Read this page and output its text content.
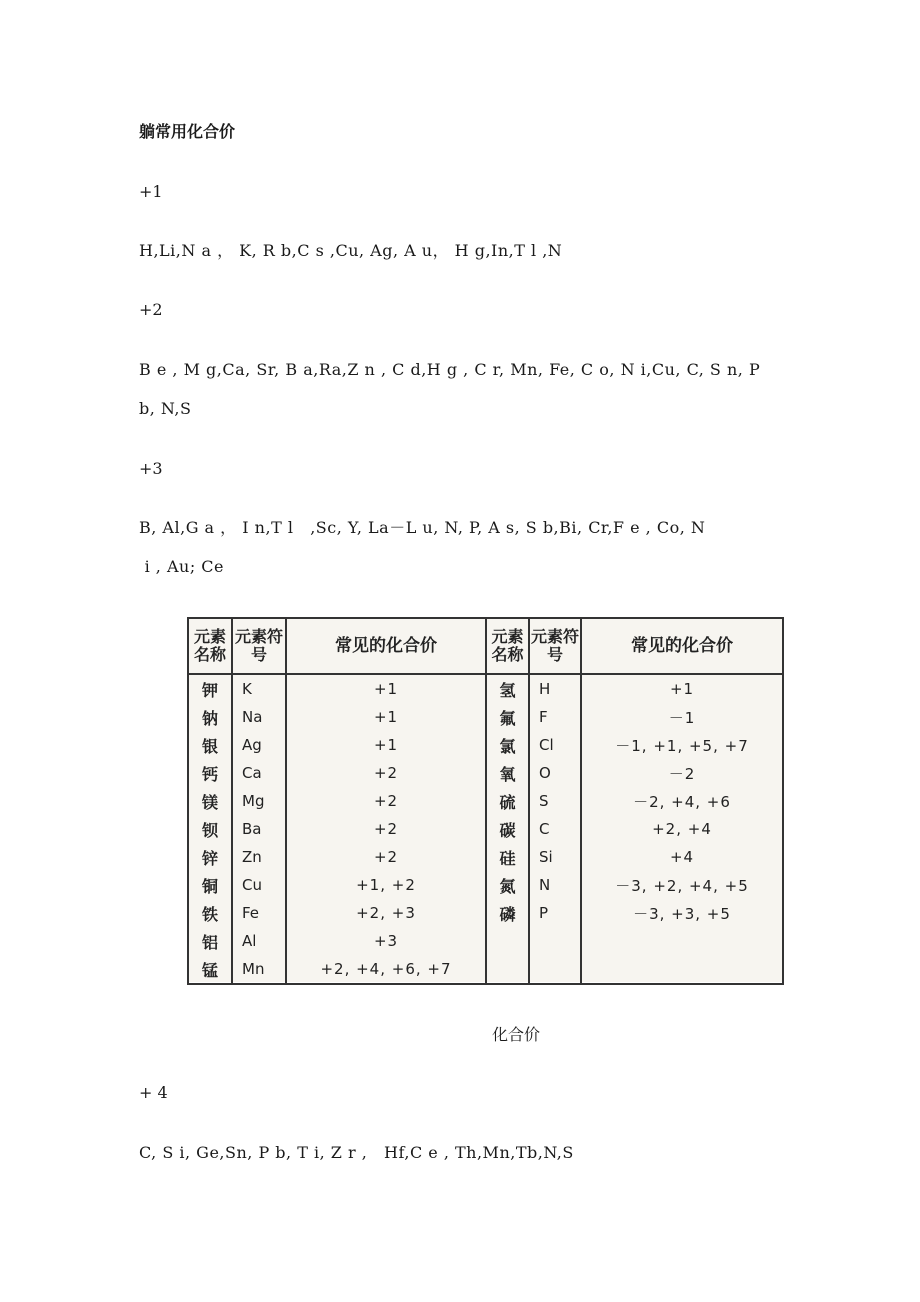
躺常用化合价
+1
H,Li,N a ， K, R b,C s ,Cu, Ag, A u， H g,In,T l ,N
+2
B e , M g,Ca, Sr, B a,Ra,Z n , C d,H g , C r, Mn, Fe, C o, N i,Cu, C, S n, P
b, N,S
+3
B, Al,G a ， I n,T l   ,Sc, Y, La－L u, N, P, A s, S b,Bi, Cr,F e , Co, N
i , Au; Ce
元素名称	元素符号	常见的化合价	元素名称	元素符号	常见的化合价
钾	K	+1	氢	H	+1
钠	Na	+1	氟	F	－1
银	Ag	+1	氯	Cl	－1, +1, +5, +7
钙	Ca	+2	氧	O	－2
镁	Mg	+2	硫	S	－2, +4, +6
钡	Ba	+2	碳	C	+2, +4
锌	Zn	+2	硅	Si	+4
铜	Cu	+1, +2	氮	N	－3, +2, +4, +5
铁	Fe	+2, +3	磷	P	－3, +3, +5
铝	Al	+3			
锰	Mn	+2, +4, +6, +7			
化合价
+ 4
C, S i, Ge,Sn, P b, T i, Z r ,   Hf,C e , Th,Mn,Tb,N,S
